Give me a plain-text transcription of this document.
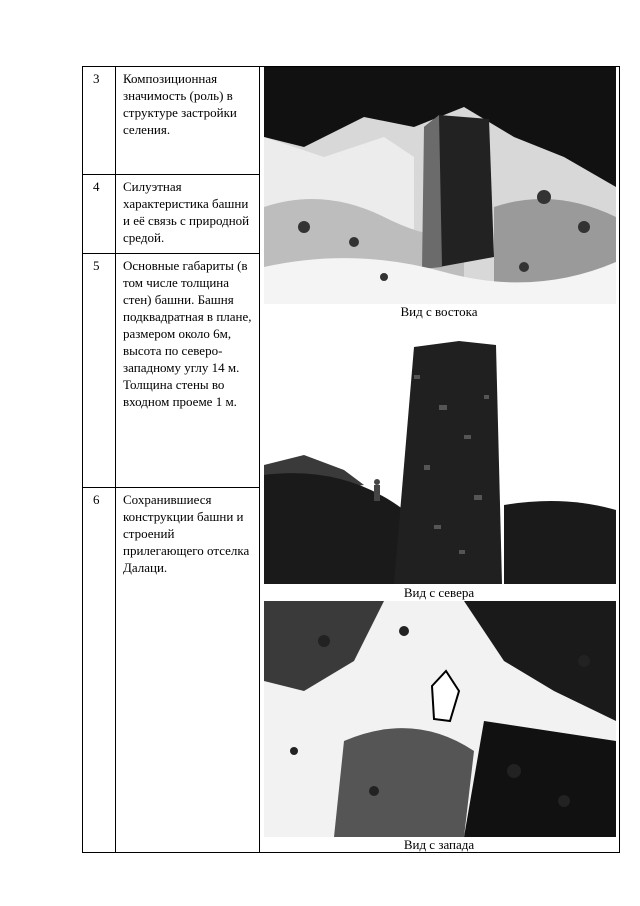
3 Композиционная значимость (роль) в структуре застройки селения.
4 Силуэтная характеристика башни и её связь с природной средой.
5 Основные габариты (в том числе толщина стен) башни. Башня подквадратная в плане, размером около 6м, высота по северо-западному углу 14 м. Толщина стены во входном проеме 1 м.
6 Сохранившиеся конструкции башни и строений прилегающего отселка Далаци.
Вид с востока
Вид с севера
Вид с запада
